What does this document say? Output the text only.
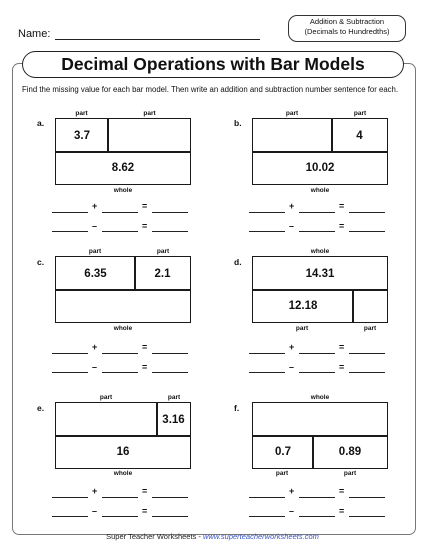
Name:
Addition & Subtraction
(Decimals to Hundredths)
Decimal Operations with Bar Models
Find the missing value for each bar model. Then write an addition and subtraction number sentence for each.
a.
part	part
3.7
8.62
whole
+	=
–	=
b.
part	part
4
10.02
whole
+	=
–	=
c.
part	part
6.35	2.1
whole
+	=
–	=
d.
whole
14.31
12.18
part	part
+	=
–	=
e.
part	part
3.16
16
whole
+	=
–	=
f.
whole
0.7	0.89
part	part
+	=
–	=
Super Teacher Worksheets - www.superteacherworksheets.com
